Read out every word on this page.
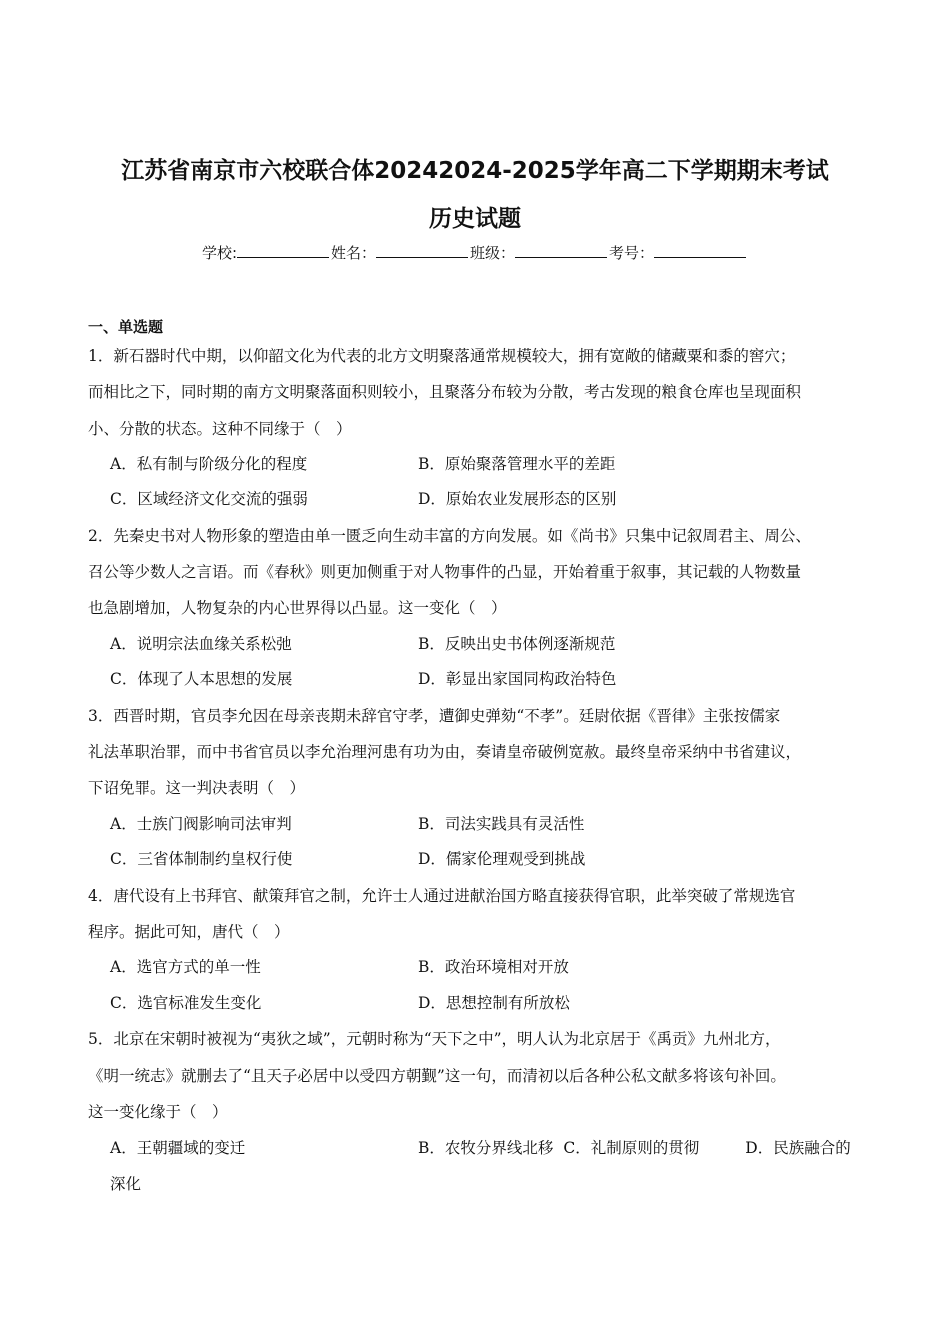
江苏省南京市六校联合体20242024-2025学年高二下学期期末考试
历史试题
学校:	姓名：	班级：	考号：
一、单选题
1．新石器时代中期，以仰韶文化为代表的北方文明聚落通常规模较大，拥有宽敞的储藏粟和黍的窖穴；
而相比之下，同时期的南方文明聚落面积则较小，且聚落分布较为分散，考古发现的粮食仓库也呈现面积
小、分散的状态。这种不同缘于（　）
A．私有制与阶级分化的程度	B．原始聚落管理水平的差距
C．区域经济文化交流的强弱	D．原始农业发展形态的区别
2．先秦史书对人物形象的塑造由单一匮乏向生动丰富的方向发展。如《尚书》只集中记叙周君主、周公、
召公等少数人之言语。而《春秋》则更加侧重于对人物事件的凸显，开始着重于叙事，其记载的人物数量
也急剧增加，人物复杂的内心世界得以凸显。这一变化（　）
A．说明宗法血缘关系松弛	B．反映出史书体例逐渐规范
C．体现了人本思想的发展	D．彰显出家国同构政治特色
3．西晋时期，官员李允因在母亲丧期未辞官守孝，遭御史弹劾“不孝”。廷尉依据《晋律》主张按儒家
礼法革职治罪，而中书省官员以李允治理河患有功为由，奏请皇帝破例宽赦。最终皇帝采纳中书省建议，
下诏免罪。这一判决表明（　）
A．士族门阀影响司法审判	B．司法实践具有灵活性
C．三省体制制约皇权行使	D．儒家伦理观受到挑战
4．唐代设有上书拜官、献策拜官之制，允许士人通过进献治国方略直接获得官职，此举突破了常规选官
程序。据此可知，唐代（　）
A．选官方式的单一性	B．政治环境相对开放
C．选官标准发生变化	D．思想控制有所放松
5．北京在宋朝时被视为“夷狄之域”，元朝时称为“天下之中”，明人认为北京居于《禹贡》九州北方，
《明一统志》就删去了“且天子必居中以受四方朝觐”这一句，而清初以后各种公私文献多将该句补回。
这一变化缘于（　）
A．王朝疆域的变迁	B．农牧分界线北移 C．礼制原则的贯彻	D．民族融合的深化
